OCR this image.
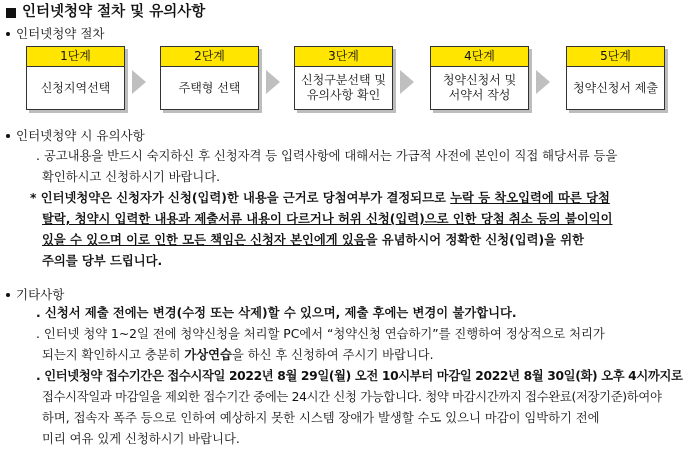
인터넷청약 절차 및 유의사항
인터넷청약 절차
1단계
신청지역선택
2단계
주택형 선택
3단계
신청구분선택 및 유의사항 확인
4단계
청약신청서 및 서약서 작성
5단계
청약신청서 제출
인터넷청약 시 유의사항
. 공고내용을 반드시 숙지하신 후 신청자격 등 입력사항에 대해서는 가급적 사전에 본인이 직접 해당서류 등을
확인하시고 신청하시기 바랍니다.
* 인터넷청약은 신청자가 신청(입력)한 내용을 근거로 당첨여부가 결정되므로 누락 등 착오입력에 따른 당첨
탈락, 청약시 입력한 내용과 제출서류 내용이 다르거나 허위 신청(입력)으로 인한 당첨 취소 등의 불이익이
있을 수 있으며 이로 인한 모든 책임은 신청자 본인에게 있음을 유념하시어 정확한 신청(입력)을 위한
주의를 당부 드립니다.
기타사항
. 신청서 제출 전에는 변경(수정 또는 삭제)할 수 있으며, 제출 후에는 변경이 불가합니다.
. 인터넷 청약 1~2일 전에 청약신청을 처리할 PC에서 “청약신청 연습하기”를 진행하여 정상적으로 처리가
되는지 확인하시고 충분히 가상연습을 하신 후 신청하여 주시기 바랍니다.
. 인터넷청약 접수기간은 접수시작일 2022년 8월 29일(월) 오전 10시부터 마감일 2022년 8월 30일(화) 오후 4시까지로
접수시작일과 마감일을 제외한 접수기간 중에는 24시간 신청 가능합니다. 청약 마감시간까지 접수완료(저장기준)하여야
하며, 접속자 폭주 등으로 인하여 예상하지 못한 시스템 장애가 발생할 수도 있으니 마감이 임박하기 전에
미리 여유 있게 신청하시기 바랍니다.
